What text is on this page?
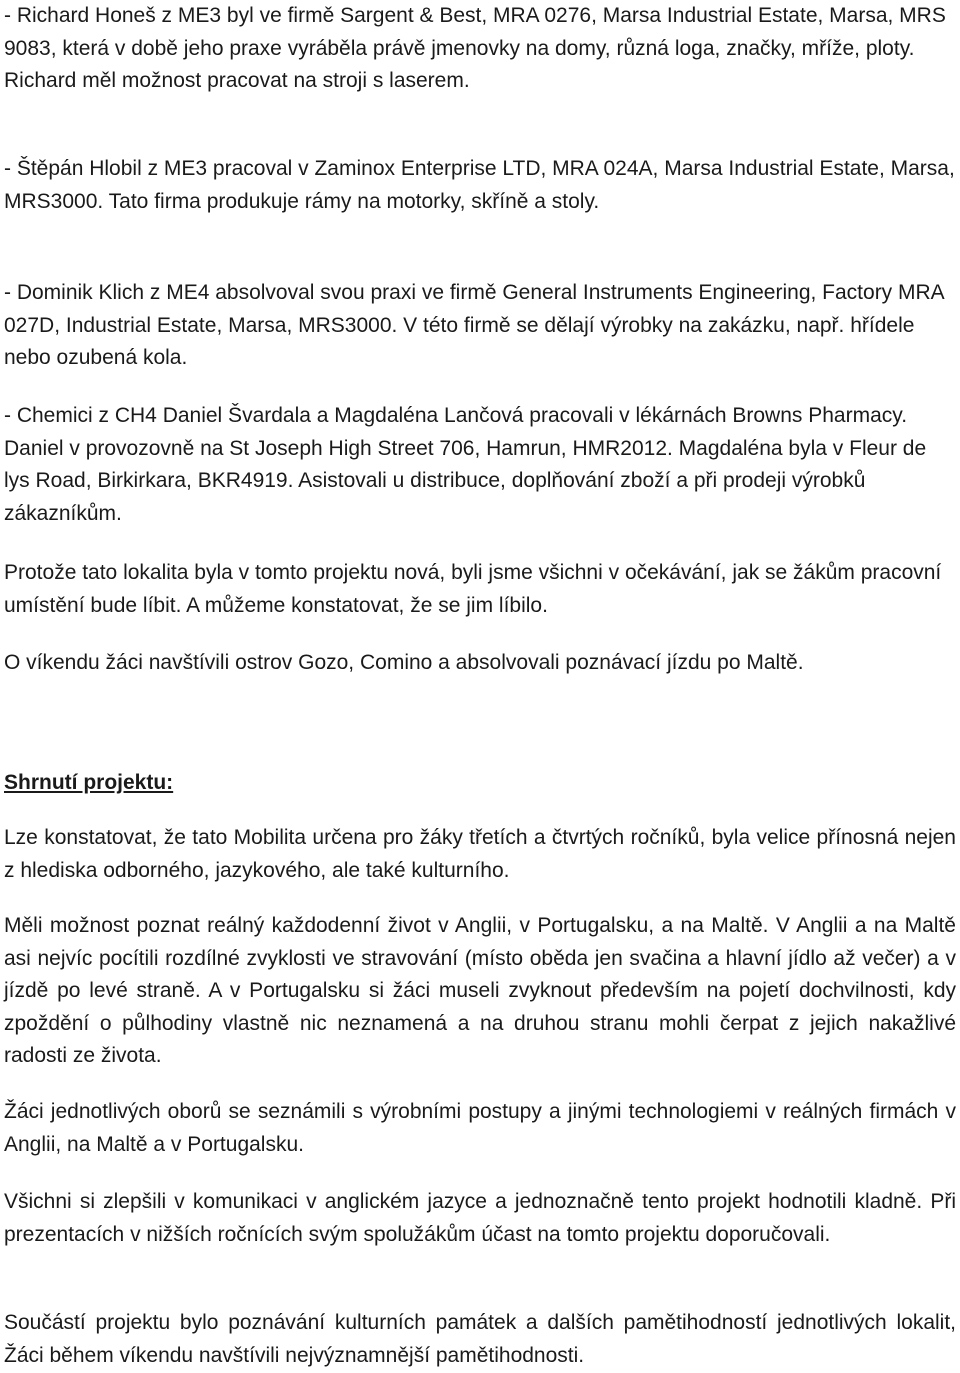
- Richard Honeš z ME3 byl ve firmě Sargent & Best, MRA 0276, Marsa Industrial Estate, Marsa, MRS 9083, která v době jeho praxe vyráběla právě jmenovky na domy, různá loga, značky, mříže, ploty. Richard měl možnost pracovat na stroji s laserem.

- Štěpán Hlobil z ME3 pracoval v Zaminox Enterprise LTD, MRA 024A, Marsa Industrial Estate, Marsa, MRS3000. Tato firma produkuje rámy na motorky, skříně a stoly.

- Dominik Klich z ME4 absolvoval svou praxi ve firmě General Instruments Engineering, Factory MRA 027D, Industrial Estate, Marsa, MRS3000. V této firmě se dělají výrobky na zakázku, např. hřídele nebo ozubená kola.

- Chemici z CH4 Daniel Švardala a Magdaléna Lančová pracovali v lékárnách Browns Pharmacy. Daniel v provozovně na St Joseph High Street 706, Hamrun, HMR2012. Magdaléna byla v Fleur de lys Road, Birkirkara, BKR4919. Asistovali u distribuce, doplňování zboží a při prodeji výrobků zákazníkům.

Protože tato lokalita byla v tomto projektu nová, byli jsme všichni v očekávání, jak se žákům pracovní umístění bude líbit. A můžeme konstatovat, že se jim líbilo.

O víkendu žáci navštívili ostrov Gozo, Comino a absolvovali poznávací jízdu po Maltě.

Shrnutí projektu:

Lze konstatovat, že tato Mobilita určena pro žáky třetích a čtvrtých ročníků, byla velice přínosná nejen z hlediska odborného, jazykového, ale také kulturního.

Měli možnost poznat reálný každodenní život v Anglii, v Portugalsku, a na Maltě. V Anglii a na Maltě asi nejvíc pocítili rozdílné zvyklosti ve stravování (místo oběda jen svačina a hlavní jídlo až večer) a v jízdě po levé straně. A v Portugalsku si žáci museli zvyknout především na pojetí dochvilnosti, kdy zpoždění o půlhodiny vlastně nic neznamená a na druhou stranu mohli čerpat z jejich nakažlivé radosti ze života.

Žáci jednotlivých oborů se seznámili s výrobními postupy a jinými technologiemi v reálných firmách v Anglii, na Maltě a v Portugalsku.

Všichni si zlepšili v komunikaci v anglickém jazyce a jednoznačně tento projekt hodnotili kladně. Při prezentacích v nižších ročnících svým spolužákům účast na tomto projektu doporučovali.

Součástí projektu bylo poznávání kulturních památek a dalších pamětihodností jednotlivých lokalit, Žáci během víkendu navštívili nejvýznamnější pamětihodnosti.
